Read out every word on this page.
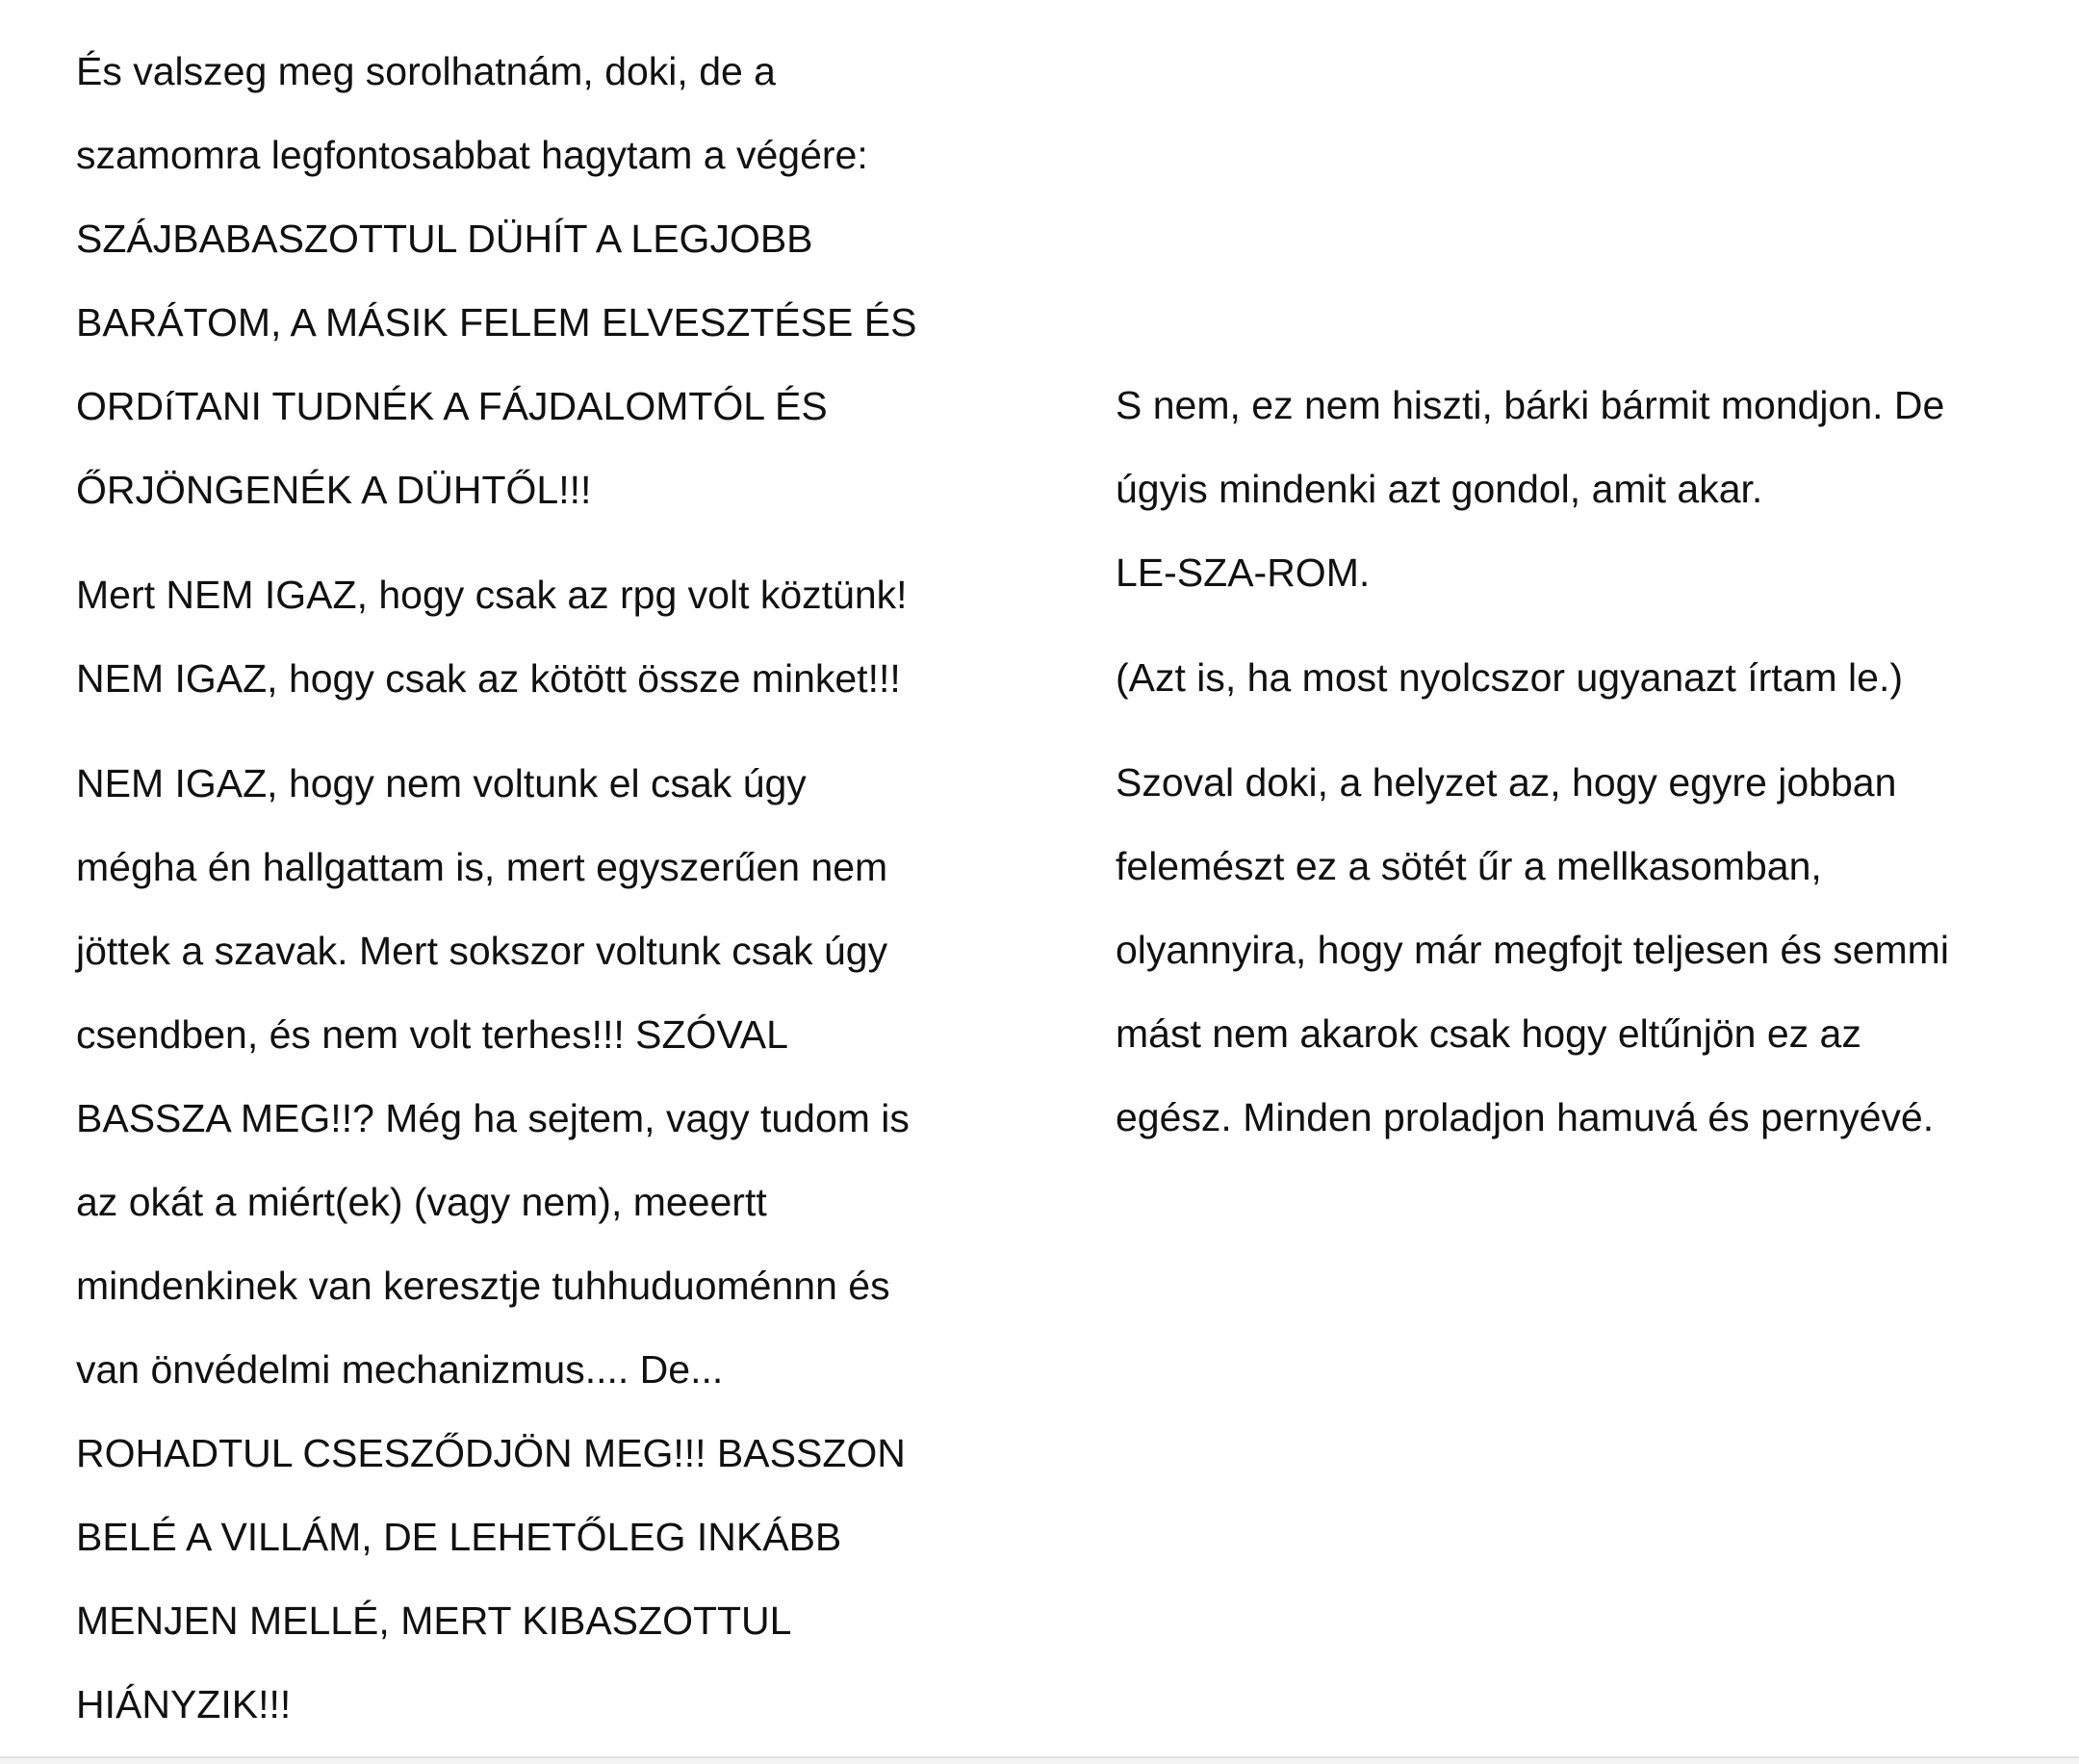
És valszeg meg sorolhatnám, doki, de a
szamomra legfontosabbat hagytam a végére:
SZÁJBABASZOTTUL DÜHÍT A LEGJOBB
BARÁTOM, A MÁSIK FELEM ELVESZTÉSE ÉS
ORDíTANI TUDNÉK A FÁJDALOMTÓL ÉS
ŐRJÖNGENÉK A DÜHTŐL!!!
Mert NEM IGAZ, hogy csak az rpg volt köztünk!
NEM IGAZ, hogy csak az kötött össze minket!!!
NEM IGAZ, hogy nem voltunk el csak úgy
mégha én hallgattam is, mert egyszerűen nem
jöttek a szavak. Mert sokszor voltunk csak úgy
csendben, és nem volt terhes!!! SZÓVAL
BASSZA MEG!!? Még ha sejtem, vagy tudom is
az okát a miért(ek) (vagy nem), meeertt
mindenkinek van keresztje tuhhuduoménnn és
van önvédelmi mechanizmus.... De...
ROHADTUL CSESZŐDJÖN MEG!!! BASSZON
BELÉ A VILLÁM, DE LEHETŐLEG INKÁBB
MENJEN MELLÉ, MERT KIBASZOTTUL
HIÁNYZIK!!!
S nem, ez nem hiszti, bárki bármit mondjon. De
úgyis mindenki azt gondol, amit akar.
LE-SZA-ROM.
(Azt is, ha most nyolcszor ugyanazt írtam le.)
Szoval doki, a helyzet az, hogy egyre jobban
felemészt ez a sötét űr a mellkasomban,
olyannyira, hogy már megfojt teljesen és semmi
mást nem akarok csak hogy eltűnjön ez az
egész. Minden proladjon hamuvá és pernyévé.
